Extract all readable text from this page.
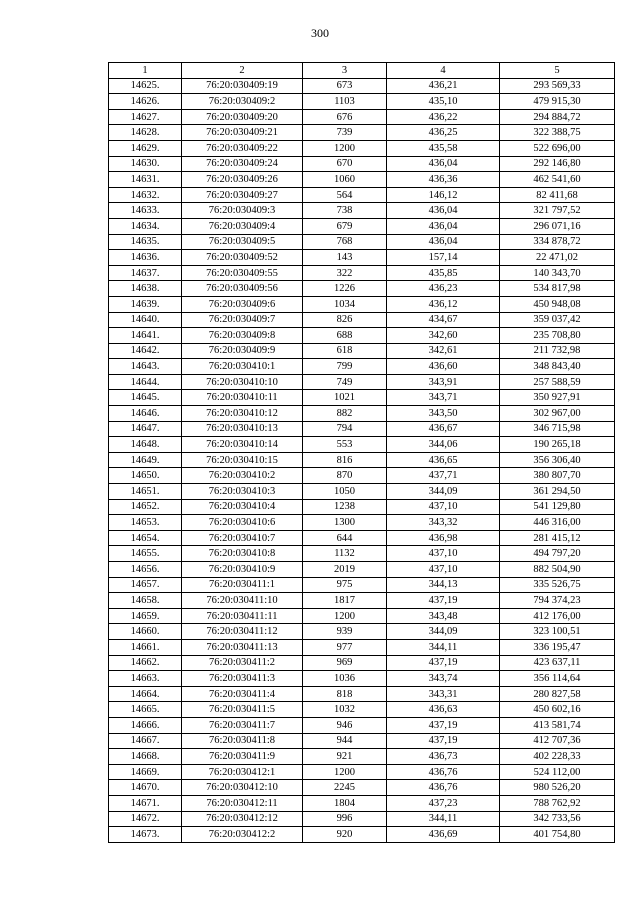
300
1	2	3	4	5
14625.	76:20:030409:19	673	436,21	293 569,33
14626.	76:20:030409:2	1103	435,10	479 915,30
14627.	76:20:030409:20	676	436,22	294 884,72
14628.	76:20:030409:21	739	436,25	322 388,75
14629.	76:20:030409:22	1200	435,58	522 696,00
14630.	76:20:030409:24	670	436,04	292 146,80
14631.	76:20:030409:26	1060	436,36	462 541,60
14632.	76:20:030409:27	564	146,12	82 411,68
14633.	76:20:030409:3	738	436,04	321 797,52
14634.	76:20:030409:4	679	436,04	296 071,16
14635.	76:20:030409:5	768	436,04	334 878,72
14636.	76:20:030409:52	143	157,14	22 471,02
14637.	76:20:030409:55	322	435,85	140 343,70
14638.	76:20:030409:56	1226	436,23	534 817,98
14639.	76:20:030409:6	1034	436,12	450 948,08
14640.	76:20:030409:7	826	434,67	359 037,42
14641.	76:20:030409:8	688	342,60	235 708,80
14642.	76:20:030409:9	618	342,61	211 732,98
14643.	76:20:030410:1	799	436,60	348 843,40
14644.	76:20:030410:10	749	343,91	257 588,59
14645.	76:20:030410:11	1021	343,71	350 927,91
14646.	76:20:030410:12	882	343,50	302 967,00
14647.	76:20:030410:13	794	436,67	346 715,98
14648.	76:20:030410:14	553	344,06	190 265,18
14649.	76:20:030410:15	816	436,65	356 306,40
14650.	76:20:030410:2	870	437,71	380 807,70
14651.	76:20:030410:3	1050	344,09	361 294,50
14652.	76:20:030410:4	1238	437,10	541 129,80
14653.	76:20:030410:6	1300	343,32	446 316,00
14654.	76:20:030410:7	644	436,98	281 415,12
14655.	76:20:030410:8	1132	437,10	494 797,20
14656.	76:20:030410:9	2019	437,10	882 504,90
14657.	76:20:030411:1	975	344,13	335 526,75
14658.	76:20:030411:10	1817	437,19	794 374,23
14659.	76:20:030411:11	1200	343,48	412 176,00
14660.	76:20:030411:12	939	344,09	323 100,51
14661.	76:20:030411:13	977	344,11	336 195,47
14662.	76:20:030411:2	969	437,19	423 637,11
14663.	76:20:030411:3	1036	343,74	356 114,64
14664.	76:20:030411:4	818	343,31	280 827,58
14665.	76:20:030411:5	1032	436,63	450 602,16
14666.	76:20:030411:7	946	437,19	413 581,74
14667.	76:20:030411:8	944	437,19	412 707,36
14668.	76:20:030411:9	921	436,73	402 228,33
14669.	76:20:030412:1	1200	436,76	524 112,00
14670.	76:20:030412:10	2245	436,76	980 526,20
14671.	76:20:030412:11	1804	437,23	788 762,92
14672.	76:20:030412:12	996	344,11	342 733,56
14673.	76:20:030412:2	920	436,69	401 754,80
